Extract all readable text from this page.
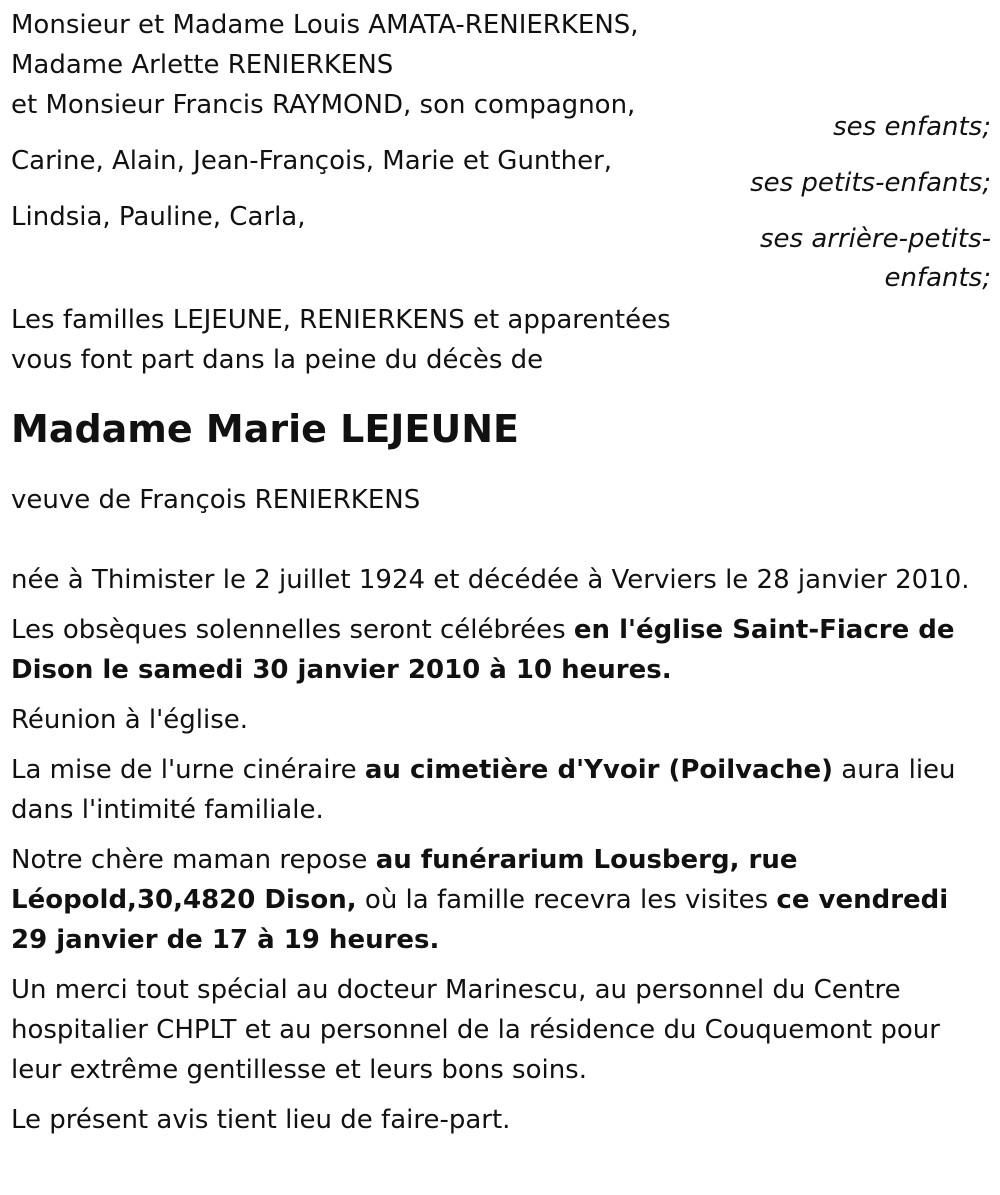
Monsieur et Madame Louis AMATA-RENIERKENS,
Madame Arlette RENIERKENS
et Monsieur Francis RAYMOND, son compagnon,
ses enfants;
Carine, Alain, Jean-François, Marie et Gunther,
ses petits-enfants;
Lindsia, Pauline, Carla,
ses arrière-petits-
enfants;
Les familles LEJEUNE, RENIERKENS et apparentées
vous font part dans la peine du décès de
Madame Marie LEJEUNE
veuve de François RENIERKENS
née à Thimister le 2 juillet 1924 et décédée à Verviers le 28 janvier 2010.
Les obsèques solennelles seront célébrées en l'église Saint-Fiacre de Dison le samedi 30 janvier 2010 à 10 heures.
Réunion à l'église.
La mise de l'urne cinéraire au cimetière d'Yvoir (Poilvache) aura lieu dans l'intimité familiale.
Notre chère maman repose au funérarium Lousberg, rue Léopold,30,4820 Dison, où la famille recevra les visites ce vendredi 29 janvier de 17 à 19 heures.
Un merci tout spécial au docteur Marinescu, au personnel du Centre hospitalier CHPLT et au personnel de la résidence du Couquemont pour leur extrême gentillesse et leurs bons soins.
Le présent avis tient lieu de faire-part.
